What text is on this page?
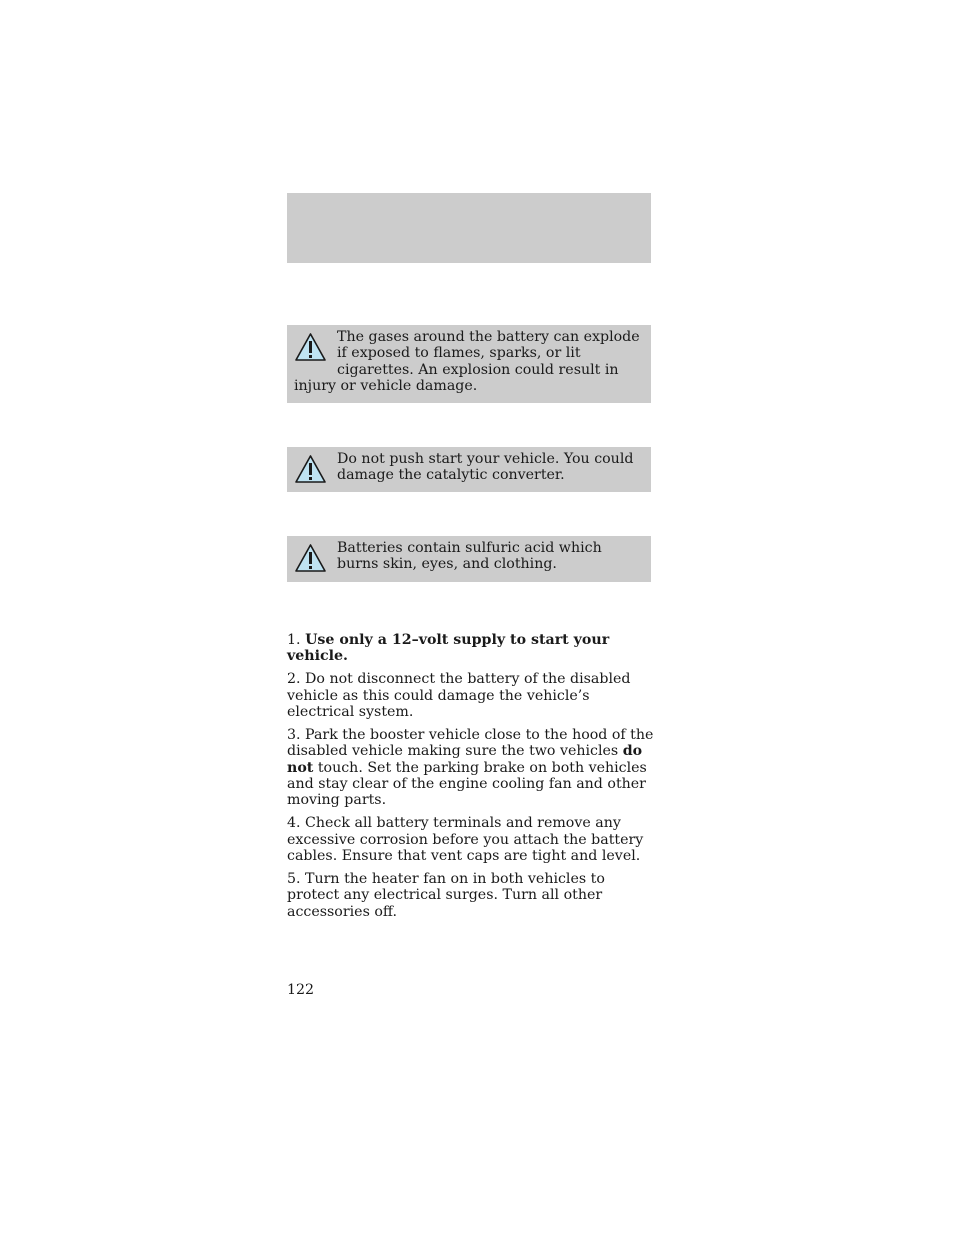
The gases around the battery can explode if exposed to flames, sparks, or lit cigarettes. An explosion could result in injury or vehicle damage.
Do not push start your vehicle. You could damage the catalytic converter.
Batteries contain sulfuric acid which burns skin, eyes, and clothing.

1. Use only a 12–volt supply to start your vehicle.

2. Do not disconnect the battery of the disabled vehicle as this could damage the vehicle’s electrical system.

3. Park the booster vehicle close to the hood of the disabled vehicle making sure the two vehicles do not touch. Set the parking brake on both vehicles and stay clear of the engine cooling fan and other moving parts.

4. Check all battery terminals and remove any excessive corrosion before you attach the battery cables. Ensure that vent caps are tight and level.

5. Turn the heater fan on in both vehicles to protect any electrical surges. Turn all other accessories off.

122
